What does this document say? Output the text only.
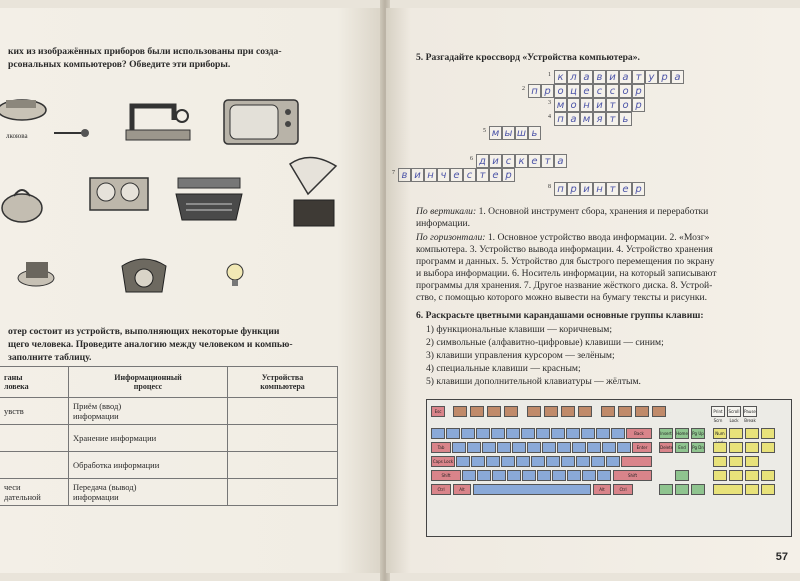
ких из изображённых приборов были использованы при созда-
рсональных компьютеров? Обведите эти приборы.
лкоюва
отер состоит из устройств, выполняющих некоторые функции
щего человека. Проведите аналогию между человеком и компью-
заполните таблицу.
ганы
ловека	Информационный
процесс	Устройства
компьютера
увств	Приём (ввод)
информации	
	Хранение информации	
	Обработка информации	
чеси
дательной	Передача (вывод)
информации	
5. Разгадайте кроссворд «Устройства компьютера».
1 к л а в и а т у р а
2 п р о ц е с с о р
3 м о н и т о р
4 п а м я т ь
5 м ы ш ь
6 д и с к е т а
7 в и н ч е с т е р
8 п р и н т е р
По вертикали: 1. Основной инструмент сбора, хранения и переработки
информации.
По горизонтали: 1. Основное устройство ввода информации. 2. «Мозг»
компьютера. 3. Устройство вывода информации. 4. Устройство хранения
программ и данных. 5. Устройство для быстрого перемещения по экрану
и выбора информации. 6. Носитель информации, на который записывают
программы для хранения. 7. Другое название жёсткого диска. 8. Устрой-
ство, с помощью которого можно вывести на бумагу тексты и рисунки.
6. Раскрасьте цветными карандашами основные группы клавиш:
1) функциональные клавиши — коричневым;
2) символьные (алфавитно-цифровые) клавиши — синим;
3) клавиши управления курсором — зелёным;
4) специальные клавиши — красным;
5) клавиши дополнительной клавиатуры — жёлтым.
Esc	Print Scrn
Scroll Lock
Pause Break
Back
Tab	Enter
Caps Lock
Shift	Shift
Ctrl	Alt	Alt	Ctrl
Insert	Home Pg Up
Delete	End	Pg Dn
Num
57
